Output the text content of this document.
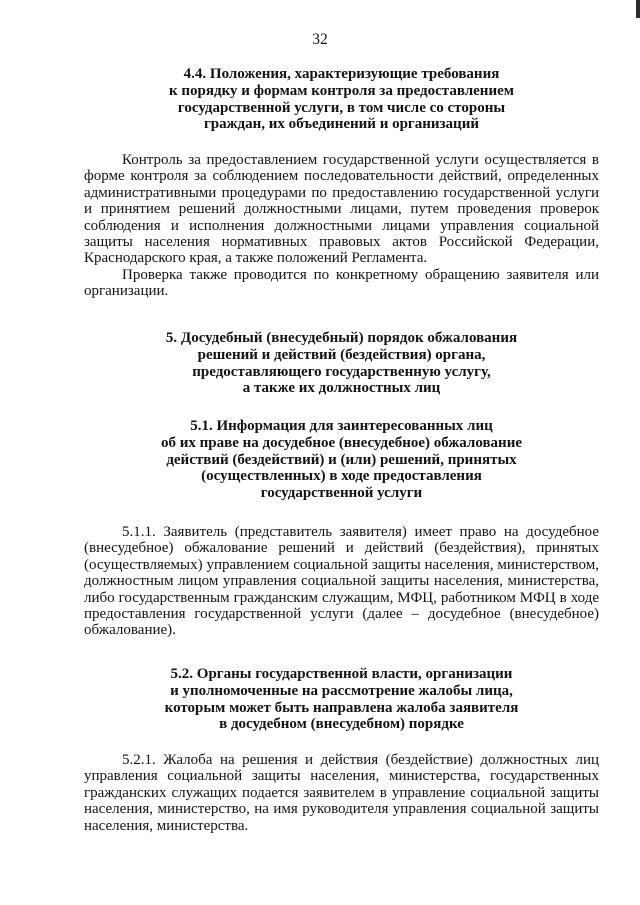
32
4.4. Положения, характеризующие требования
к порядку и формам контроля за предоставлением
государственной услуги, в том числе со стороны
граждан, их объединений и организаций

Контроль за предоставлением государственной услуги осуществляется в форме контроля за соблюдением последовательности действий, определенных административными процедурами по предоставлению государственной услуги и принятием решений должностными лицами, путем проведения проверок соблюдения и исполнения должностными лицами управления социальной защиты населения нормативных правовых актов Российской Федерации, Краснодарского края, а также положений Регламента.

Проверка также проводится по конкретному обращению заявителя или организации.

5. Досудебный (внесудебный) порядок обжалования
решений и действий (бездействия) органа,
предоставляющего государственную услугу,
а также их должностных лиц
5.1. Информация для заинтересованных лиц
об их праве на досудебное (внесудебное) обжалование
действий (бездействий) и (или) решений, принятых
(осуществленных) в ходе предоставления
государственной услуги

5.1.1. Заявитель (представитель заявителя) имеет право на досудебное (внесудебное) обжалование решений и действий (бездействия), принятых (осуществляемых) управлением социальной защиты населения, министерством, должностным лицом управления социальной защиты населения, министерства, либо государственным гражданским служащим, МФЦ, работником МФЦ в ходе предоставления государственной услуги (далее – досудебное (внесудебное) обжалование).

5.2. Органы государственной власти, организации
и уполномоченные на рассмотрение жалобы лица,
которым может быть направлена жалоба заявителя
в досудебном (внесудебном) порядке

5.2.1. Жалоба на решения и действия (бездействие) должностных лиц управления социальной защиты населения, министерства, государственных гражданских служащих подается заявителем в управление социальной защиты населения, министерство, на имя руководителя управления социальной защиты населения, министерства.
